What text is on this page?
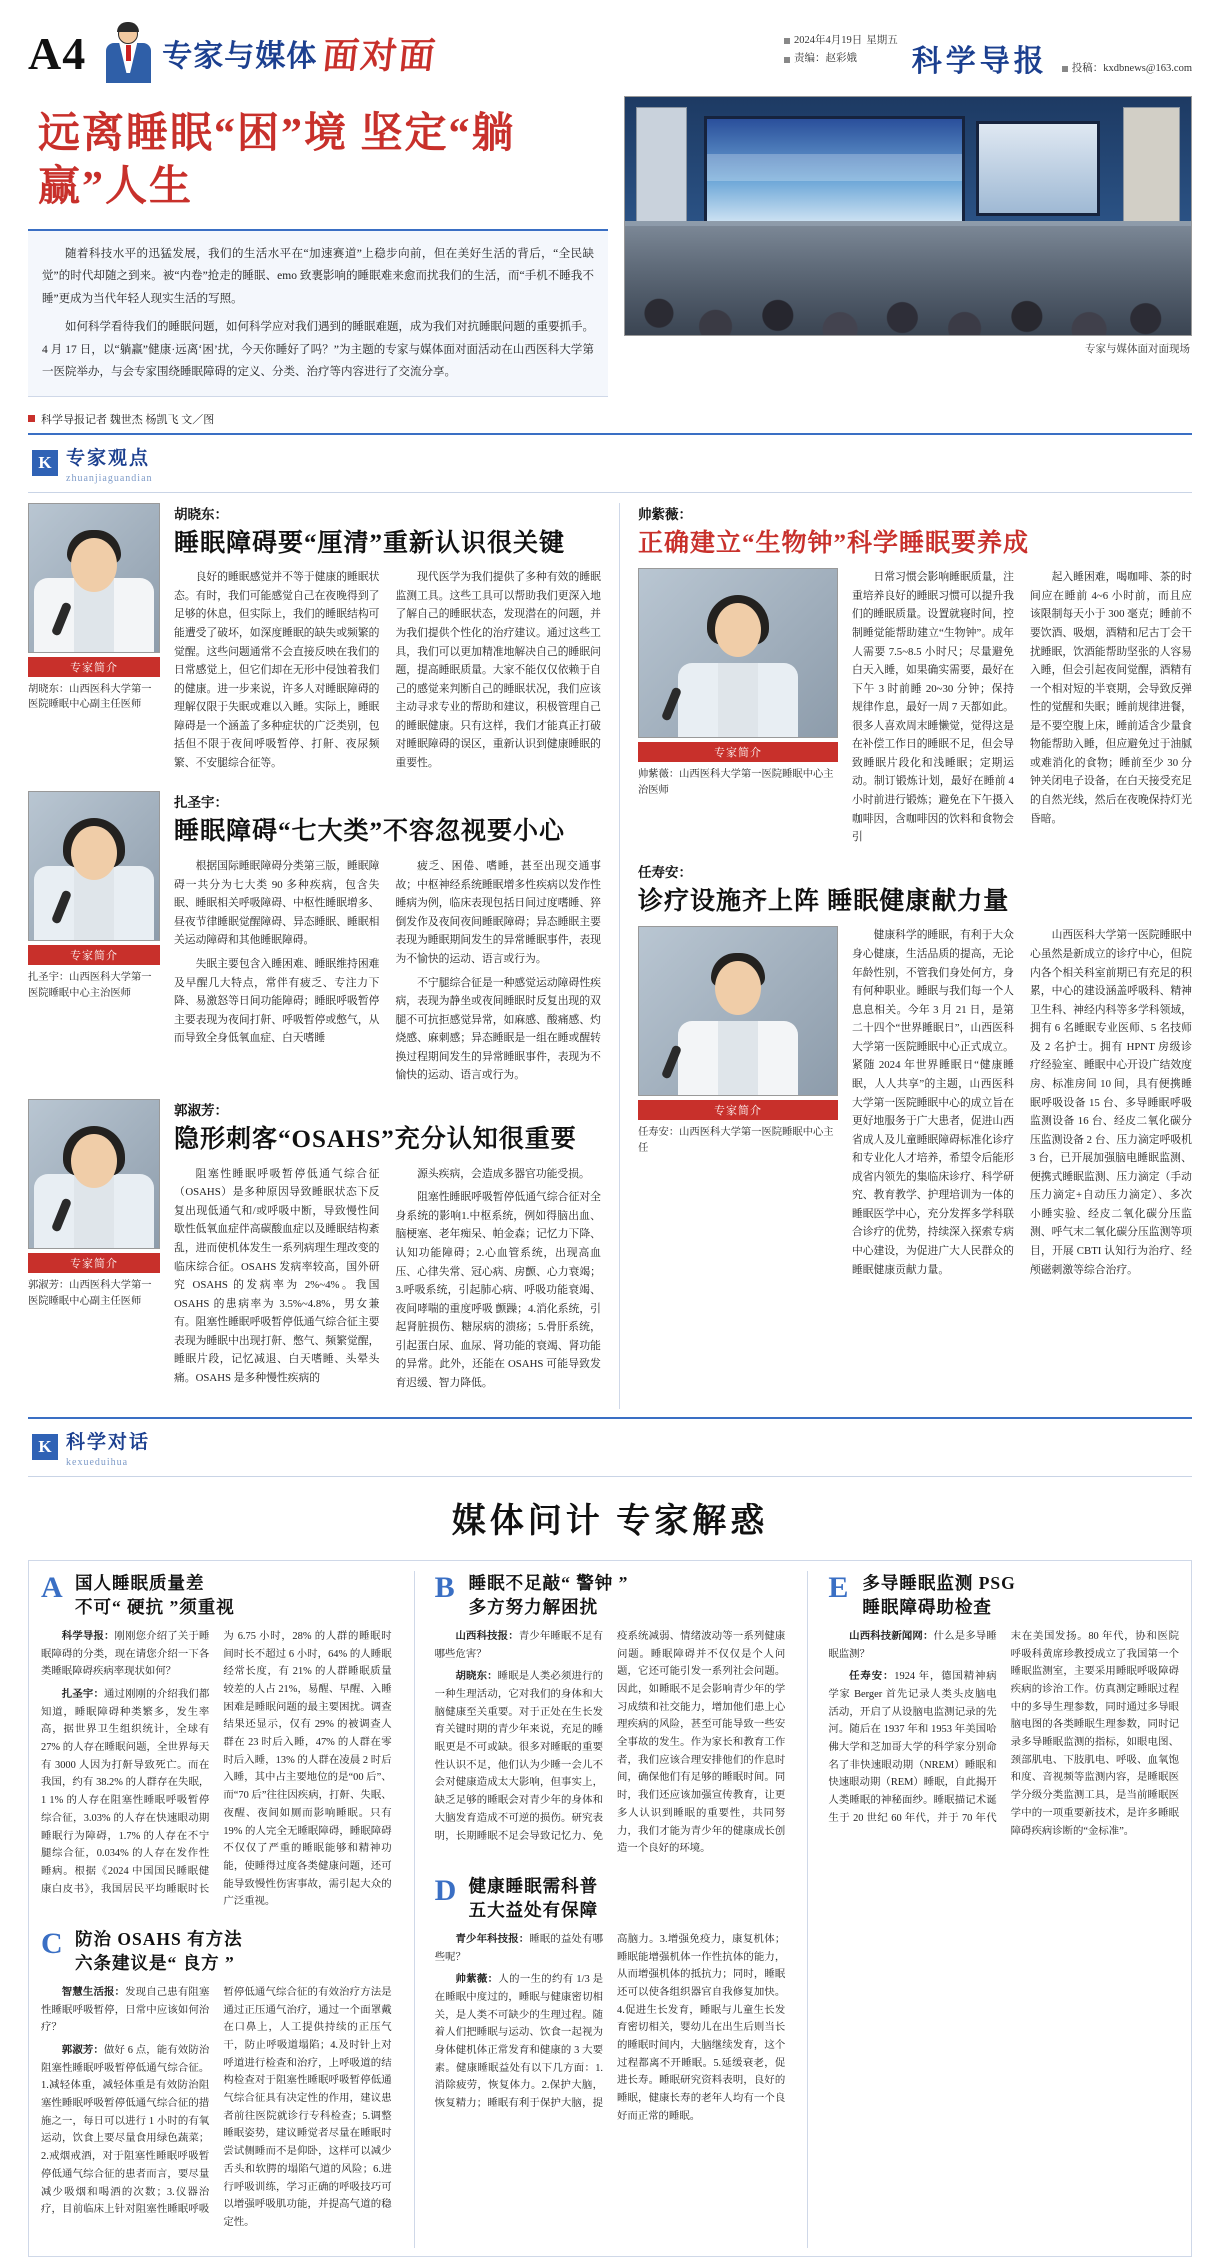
A4	专家与媒体 面对面	2024年4月19日 星期五
责编：赵彩娥 科学导报 投稿：kxdbnews@163.com
远离睡眠“困”境 坚定“躺赢”人生

随着科技水平的迅猛发展，我们的生活水平在“加速赛道”上稳步向前，但在美好生活的背后，“全民缺觉”的时代却随之到来。被“内卷”抢走的睡眠、emo 致裹影响的睡眠难来愈而扰我们的生活，而“手机不睡我不睡”更成为当代年轻人现实生活的写照。

如何科学看待我们的睡眠问题，如何科学应对我们遇到的睡眠难题，成为我们对抗睡眠问题的重要抓手。4 月 17 日，以“躺赢”健康·远离‘困’扰，今天你睡好了吗？”为主题的专家与媒体面对面活动在山西医科大学第一医院举办，与会专家围绕睡眠障碍的定义、分类、治疗等内容进行了交流分享。

科学导报记者 魏世杰 杨凯飞 文／图
专家与媒体面对面现场
K 专家观点
zhuanjiaguandian
专家简介
胡晓东：山西医科大学第一医院睡眠中心副主任医师
胡晓东：
睡眠障碍要“厘清”重新认识很关键

良好的睡眠感觉并不等于健康的睡眠状态。有时，我们可能感觉自己在夜晚得到了足够的休息，但实际上，我们的睡眠结构可能遭受了破坏，如深度睡眠的缺失或频繁的觉醒。这些问题通常不会直接反映在我们的日常感觉上，但它们却在无形中侵蚀着我们的健康。进一步来说，许多人对睡眠障碍的理解仅限于失眠或难以入睡。实际上，睡眠障碍是一个涵盖了多种症状的广泛类别，包括但不限于夜间呼吸暂停、打鼾、夜尿频繁、不安腿综合征等。

现代医学为我们提供了多种有效的睡眠监测工具。这些工具可以帮助我们更深入地了解自己的睡眠状态，发现潜在的问题，并为我们提供个性化的治疗建议。通过这些工具，我们可以更加精准地解决自己的睡眠问题，提高睡眠质量。大家不能仅仅依赖于自己的感觉来判断自己的睡眠状况，我们应该主动寻求专业的帮助和建议，积极管理自己的睡眠健康。只有这样，我们才能真正打破对睡眠障碍的误区，重新认识到健康睡眠的重要性。

专家简介
扎圣宇：山西医科大学第一医院睡眠中心主治医师
扎圣宇：
睡眠障碍“七大类”不容忽视要小心

根据国际睡眠障碍分类第三版，睡眠障碍一共分为七大类 90 多种疾病，包含失眠、睡眠相关呼吸障碍、中枢性睡眠增多、昼夜节律睡眠觉醒障碍、异态睡眠、睡眠相关运动障碍和其他睡眠障碍。

失眠主要包含入睡困难、睡眠维持困难及早醒几大特点，常伴有疲乏、专注力下降、易激怒等日间功能障碍；睡眠呼吸暂停主要表现为夜间打鼾、呼吸暂停或憋气，从而导致全身低氧血症、白天嗜睡

疲乏、困倦、嗜睡，甚至出现交通事故；中枢神经系统睡眠增多性疾病以发作性睡病为例，临床表现包括日间过度嗜睡、猝倒发作及夜间夜间睡眠障碍；异态睡眠主要表现为睡眠期间发生的异常睡眠事件，表现为不愉快的运动、语言或行为。

不宁腿综合征是一种感觉运动障碍性疾病，表现为静坐或夜间睡眠时反复出现的双腿不可抗拒感觉异常，如麻感、酸痛感、灼烧感、麻刺感；异态睡眠是一组在睡或醒转换过程期间发生的异常睡眠事件，表现为不愉快的运动、语言或行为。

专家简介
郭淑芳：山西医科大学第一医院睡眠中心副主任医师
郭淑芳：
隐形刺客“OSAHS”充分认知很重要

阻塞性睡眠呼吸暂停低通气综合征（OSAHS）是多种原因导致睡眠状态下反复出现低通气和/或呼吸中断，导致慢性间歇性低氧血症伴高碳酸血症以及睡眠结构紊乱，进而使机体发生一系列病理生理改变的临床综合征。OSAHS 发病率较高，国外研究 OSAHS 的发病率为 2%~4%。我国 OSAHS 的患病率为 3.5%~4.8%，男女兼有。阻塞性睡眠呼吸暂停低通气综合征主要表现为睡眠中出现打鼾、憋气、频繁觉醒，睡眠片段，记忆减退、白天嗜睡、头晕头痛。OSAHS 是多种慢性疾病的

源头疾病，会造成多器官功能受损。

阻塞性睡眠呼吸暂停低通气综合征对全身系统的影响1.中枢系统，例如得脑出血、脑梗塞、老年痴呆、帕金森；记忆力下降、认知功能障碍；2.心血管系统，出现高血压、心律失常、冠心病、房颤、心力衰竭；3.呼吸系统，引起肺心病、呼吸功能衰竭、夜间哮喘的重度呼吸 颤躁；4.消化系统，引起肾脏损伤、糖尿病的溃疡；5.骨肝系统，引起蛋白尿、血尿、肾功能的衰竭、肾功能的异常。此外，还能在 OSAHS 可能导致发育迟缓、智力降低。

帅紫薇：
正确建立“生物钟”科学睡眠要养成
专家简介
帅紫薇：山西医科大学第一医院睡眠中心主治医师

日常习惯会影响睡眠质量，注重培养良好的睡眠习惯可以提升我们的睡眠质量。设置就寝时间，控制睡觉能帮助建立“生物钟”。成年人需要 7.5~8.5 小时尺；尽量避免白天入睡，如果确实需要，最好在下午 3 时前睡 20~30 分钟；保持规律作息，最好一周 7 天都如此。很多人喜欢周末睡懒觉，觉得这是在补偿工作日的睡眠不足，但会导致睡眠片段化和浅睡眠；定期运动。制订锻炼计划，最好在睡前 4 小时前进行锻炼；避免在下午摄入咖啡因，含咖啡因的饮料和食物会引

起入睡困难，喝咖啡、茶的时间应在睡前 4~6 小时前，而且应该限制每天小于 300 毫克；睡前不要饮酒、吸烟，酒精和尼古丁会干扰睡眠，饮酒能帮助坚张的人容易入睡，但会引起夜间觉醒，酒精有一个相对短的半衰期，会导致反弹性的觉醒和失眠；睡前规律进餐，是不要空腹上床，睡前适含少量食物能帮助入睡，但应避免过于油腻或难消化的食物；睡前至少 30 分钟关闭电子设备，在白天接受充足的自然光线，然后在夜晚保持灯光昏暗。

任寿安：
诊疗设施齐上阵 睡眠健康献力量
专家简介
任寿安：山西医科大学第一医院睡眠中心主任

健康科学的睡眠，有利于大众身心健康，生活品质的提高，无论年龄性别，不管我们身处何方，身有何种职业。睡眠与我们每一个人息息相关。今年 3 月 21 日，是第二十四个“世界睡眠日”，山西医科大学第一医院睡眠中心正式成立。紧随 2024 年世界睡眠日“健康睡眠，人人共享”的主题，山西医科大学第一医院睡眠中心的成立旨在更好地服务于广大患者，促进山西省成人及儿童睡眠障碍标准化诊疗和专业化人才培养，希望令后能形成省内领先的集临床诊疗、科学研究、教育教学、护理培训为一体的睡眠医学中心，充分发挥多学科联合诊疗的优势，持续深入探索专病中心建设，为促进广大人民群众的睡眠健康贡献力量。

山西医科大学第一医院睡眠中心虽然是新成立的诊疗中心，但院内各个相关科室前期已有充足的积累，中心的建设涵盖呼吸科、精神卫生科、神经内科等多学科领域，拥有 6 名睡眠专业医师、5 名技师及 2 名护士。拥有 HPNT 房级诊疗经验室、睡眠中心开设广结效度房、标准房间 10 间，具有便携睡眠呼吸设备 15 台、多导睡眠呼吸监测设备 16 台、经皮二氧化碳分压监测设备 2 台、压力滴定呼吸机 3 台，已开展加强脑电睡眠监测、便携式睡眠监测、压力滴定（手动压力滴定+自动压力滴定）、多次小睡实验、经皮二氧化碳分压监测、呼气末二氧化碳分压监测等项目，开展 CBTI 认知行为治疗、经颅磁刺激等综合治疗。

K 科学对话
kexueduihua
媒体问计 专家解惑
A 国人睡眠质量差
不可“ 硬抗 ”须重视

科学导报：刚刚您介绍了关于睡眠障碍的分类，现在请您介绍一下各类睡眠障碍疾病率现状如何？

扎圣宇：通过刚刚的介绍我们都知道，睡眠障碍种类繁多，发生率高，据世界卫生组织统计，全球有 27% 的人存在睡眠问题，全世界每天有 3000 人因为打鼾导致死亡。而在我国，约有 38.2% 的人群存在失眠，1 1% 的人存在阻塞性睡眠呼吸暂停综合征，3.03% 的人存在快速眼动期睡眠行为障碍，1.7% 的人存在不宁腿综合征，0.034% 的人存在发作性睡病。根据《2024 中国国民睡眠健康白皮书》，我国居民平均睡眠时长为 6.75 小时，28% 的人群的睡眠时间时长不超过 6 小时，64% 的人睡眠经常长度，有 21% 的人群睡眠质量较差的人占 21%，易醒、早醒、入睡困难是睡眠问题的最主要困扰。调查结果还显示，仅有 29% 的被调查人群在 23 时后入睡，47% 的人群在零时后入睡，13% 的人群在凌晨 2 时后入睡，其中占主要地位的是“00 后”、而“70 后”往往因疾病，打鼾、失眠、夜醒、夜间如厕而影响睡眠。只有 19% 的人完全无睡眠障碍，睡眠障碍不仅仅了严重的睡眠能够和精神功能，使睡得过度各类健康问题，还可能导致慢性伤害事故，需引起大众的广泛重视。

C 防治 OSAHS 有方法
六条建议是“ 良方 ”

智慧生活报：发现自己患有阻塞性睡眠呼吸暂停，日常中应该如何治疗？

郭淑芳：做好 6 点，能有效防治阻塞性睡眠呼吸暂停低通气综合征。1.减轻体重，减轻体重是有效防治阻塞性睡眠呼吸暂停低通气综合征的措施之一，每日可以进行 1 小时的有氧运动，饮食上要尽量食用绿色蔬菜；2.戒烟戒酒，对于阻塞性睡眠呼吸暂停低通气综合征的患者而言，要尽量减少吸烟和喝酒的次数；3.仪器治疗，目前临床上针对阻塞性睡眠呼吸暂停低通气综合征的有效治疗方法是通过正压通气治疗，通过一个面罩戴在口鼻上，人工提供持续的正压气干，防止呼吸道塌陷；4.及时针上对呼道进行检查和治疗，上呼吸道的结构检查对于阻塞性睡眠呼吸暂停低通气综合征具有决定性的作用，建议患者前往医院就诊行专科检查；5.调整睡眠姿势，建议睡觉者尽量在睡眠时尝试侧睡而不是仰卧，这样可以减少舌头和软腭的塌陷气道的风险；6.进行呼吸训练，学习正确的呼吸技巧可以增强呼吸肌功能，并提高气道的稳定性。

B 睡眠不足敲“ 警钟 ”
多方努力解困扰

山西科技报：青少年睡眠不足有哪些危害？

胡晓东：睡眠是人类必须进行的一种生理活动，它对我们的身体和大脑健康至关重要。对于正处在生长发育关键时期的青少年来说，充足的睡眠更是不可或缺。很多对睡眠的重要性认识不足，他们认为少睡一会儿不会对健康造成太大影响，但事实上，缺乏足够的睡眠会对青少年的身体和大脑发育造成不可逆的损伤。研究表明，长期睡眠不足会导致记忆力、免疫系统减弱、情绪波动等一系列健康问题。睡眠障碍并不仅仅是个人问题，它还可能引发一系列社会问题。因此，如睡眠不足会影响青少年的学习成绩和社交能力，增加他们患上心理疾病的风险，甚至可能导致一些安全事故的发生。作为家长和教育工作者，我们应该合理安排他们的作息时间，确保他们有足够的睡眠时间。同时，我们还应该加强宣传教育，让更多人认识到睡眠的重要性，共同努力，我们才能为青少年的健康成长创造一个良好的环境。

D 健康睡眠需科普
五大益处有保障

青少年科技报：睡眠的益处有哪些呢？

帅紫薇：人的一生的约有 1/3 是在睡眠中度过的，睡眠与健康密切相关，是人类不可缺少的生理过程。随着人们把睡眠与运动、饮食一起视为身体健机体正常发育和健康的 3 大要素。健康睡眠益处有以下几方面：1.消除疲劳，恢复体力。2.保护大脑，恢复精力；睡眠有利于保护大脑，提高脑力。3.增强免疫力，康复机体；睡眠能增强机体一作性抗体的能力，从而增强机体的抵抗力；同时，睡眠还可以使各组织器官自我修复加快。4.促进生长发育，睡眠与儿童生长发育密切相关，婴幼儿在出生后则当长的睡眠时间内，大脑继续发育，这个过程都离不开睡眠。5.延缓衰老，促进长寿。睡眠研究资料表明，良好的睡眠，健康长寿的老年人均有一个良好而正常的睡眠。

E 多导睡眠监测 PSG
睡眠障碍助检查

山西科技新闻网：什么是多导睡眠监测？

任寿安：1924 年，德国精神病学家 Berger 首先记录人类头皮脑电活动，开启了从设脑电监测记录的先河。随后在 1937 年和 1953 年美国哈佛大学和芝加哥大学的科学家分别命名了非快速眼动期（NREM）睡眠和快速眼动期（REM）睡眠，自此揭开人类睡眠的神秘面纱。睡眠描记术诞生于 20 世纪 60 年代，并于 70 年代末在美国发扬。80 年代，协和医院呼吸科黄席珍教授成立了我国第一个睡眠监测室，主要采用睡眠呼吸障碍疾病的诊治工作。仿真测定睡眠过程中的多导生理参数，同时通过多导眼脑电图的各类睡眠生理参数，同时记录多导睡眠监测的指标，如眼电图、颈部肌电、下肢肌电、呼吸、血氧饱和度、音视频等监测内容，是睡眠医学分级分类监测工具，是当前睡眠医学中的一项重要新技术，是许多睡眠障碍疾病诊断的“金标准”。
